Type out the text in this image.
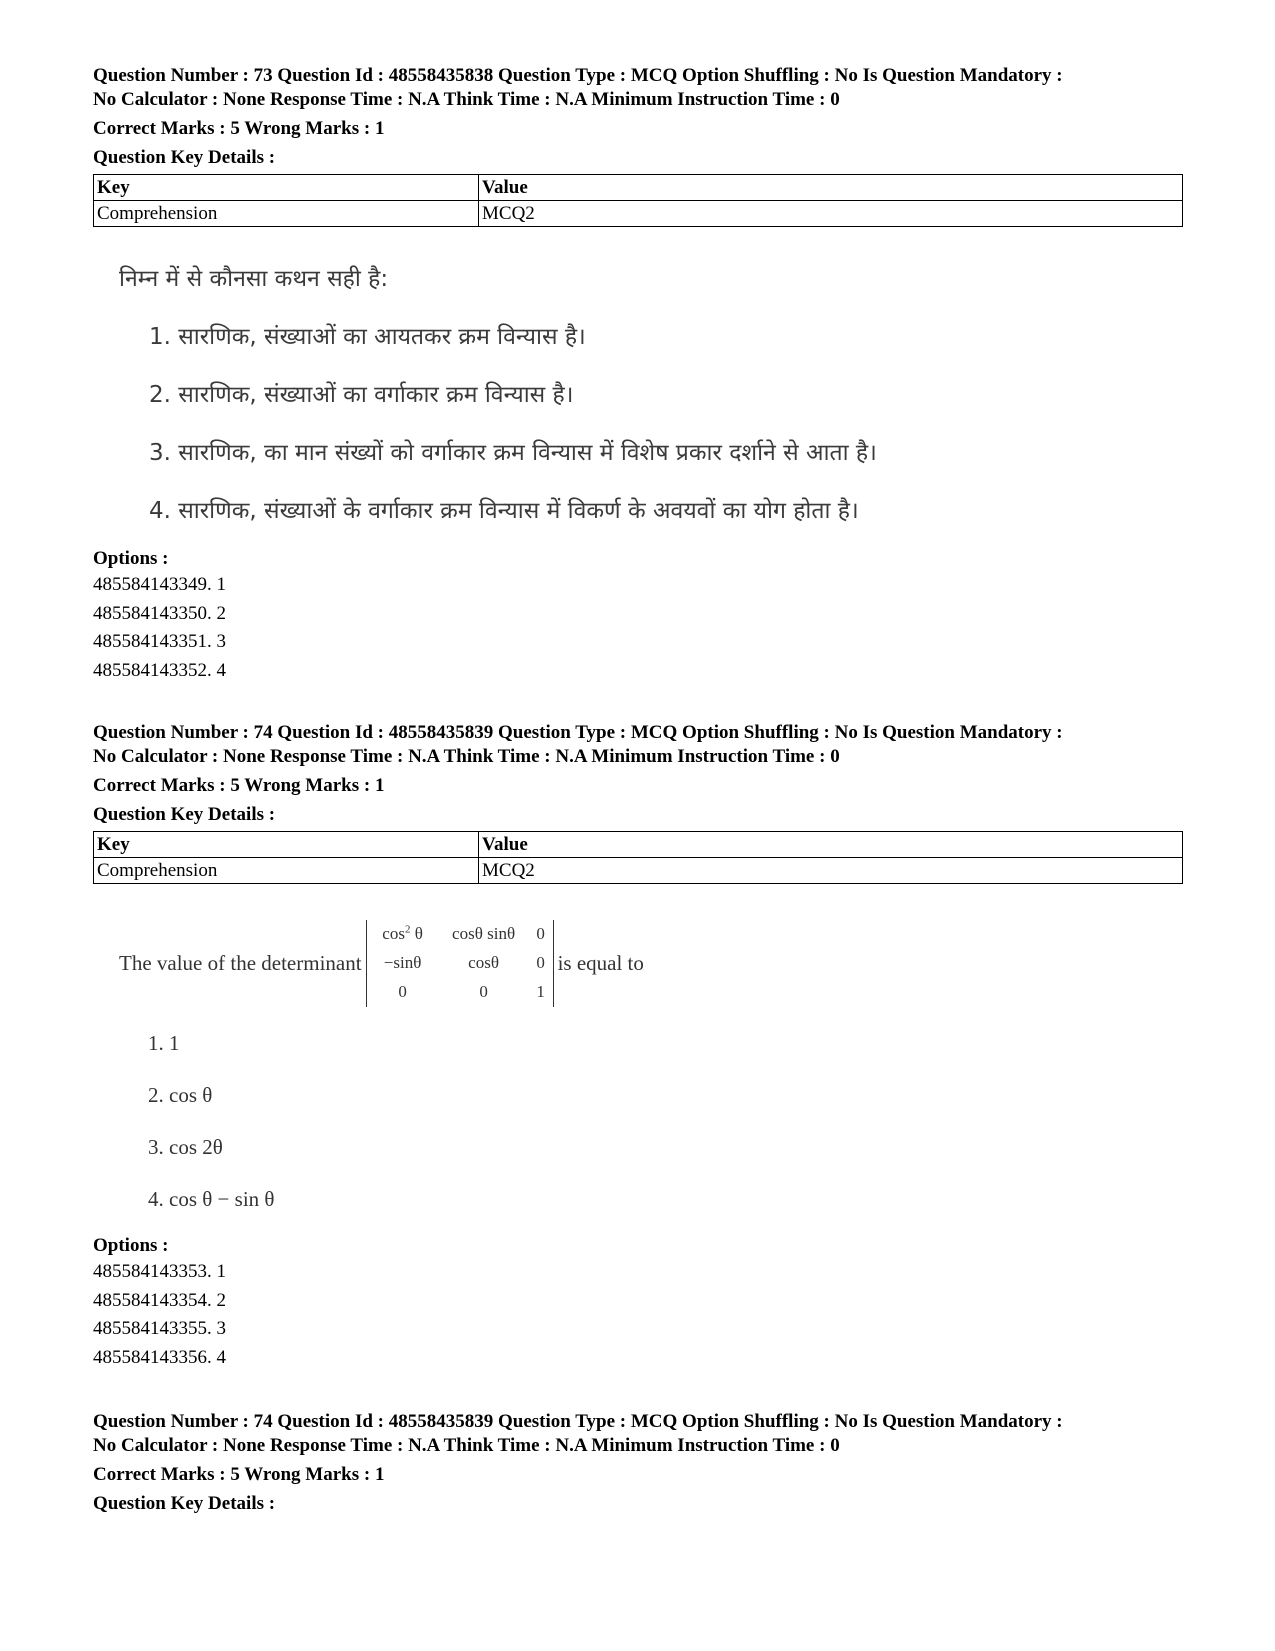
Question Number : 73 Question Id : 48558435838 Question Type : MCQ Option Shuffling : No Is Question Mandatory :
No Calculator : None Response Time : N.A Think Time : N.A Minimum Instruction Time : 0
Correct Marks : 5 Wrong Marks : 1
Question Key Details :
Key	Value
Comprehension	MCQ2
निम्न में से कौनसा कथन सही है:
1. सारणिक, संख्याओं का आयतकर क्रम विन्यास है।
2. सारणिक, संख्याओं का वर्गाकार क्रम विन्यास है।
3. सारणिक, का मान संख्यों को वर्गाकार क्रम विन्यास में विशेष प्रकार दर्शाने से आता है।
4. सारणिक, संख्याओं के वर्गाकार क्रम विन्यास में विकर्ण के अवयवों का योग होता है।
Options :
485584143349. 1
485584143350. 2
485584143351. 3
485584143352. 4
Question Number : 74 Question Id : 48558435839 Question Type : MCQ Option Shuffling : No Is Question Mandatory :
No Calculator : None Response Time : N.A Think Time : N.A Minimum Instruction Time : 0
Correct Marks : 5 Wrong Marks : 1
Question Key Details :
Key	Value
Comprehension	MCQ2
The value of the determinant
$\cos^2 \theta$	cosθ sinθ	0
−sinθ	cosθ	0
0	0	1
is equal to
1. 1
2. cos θ
3. cos 2θ
4. cos θ − sin θ
Options :
485584143353. 1
485584143354. 2
485584143355. 3
485584143356. 4
Question Number : 74 Question Id : 48558435839 Question Type : MCQ Option Shuffling : No Is Question Mandatory :
No Calculator : None Response Time : N.A Think Time : N.A Minimum Instruction Time : 0
Correct Marks : 5 Wrong Marks : 1
Question Key Details :
